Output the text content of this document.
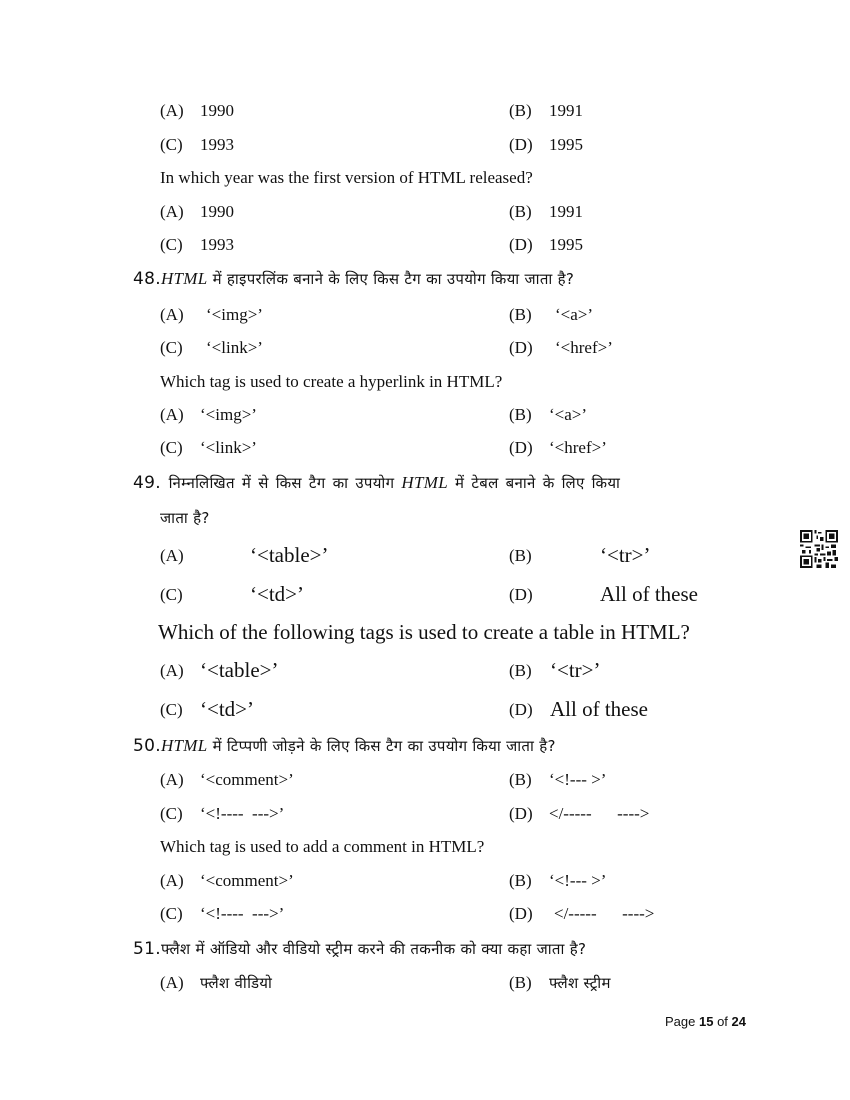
(A) 1990	(B) 1991
(C) 1993	(D) 1995
In which year was the first version of HTML released?
(A) 1990	(B) 1991
(C) 1993	(D) 1995
48.HTML में हाइपरलिंक बनाने के लिए किस टैग का उपयोग किया जाता है?
(A) ‘<img>’	(B) ‘<a>’
(C) ‘<link>’	(D) ‘<href>’
Which tag is used to create a hyperlink in HTML?
(A) ‘<img>’	(B) ‘<a>’
(C) ‘<link>’	(D) ‘<href>’
49. निम्नलिखित में से किस टैग का उपयोग HTML में टेबल बनाने के लिए किया
जाता है?
(A)	‘<table>’	(B)	‘<tr>’
(C)	‘<td>’	(D)	All of these
Which of the following tags is used to create a table in HTML?
(A) ‘<table>’	(B) ‘<tr>’
(C) ‘<td>’	(D) All of these
50.HTML में टिप्पणी जोड़ने के लिए किस टैग का उपयोग किया जाता है?
(A) ‘<comment>’	(B) ‘<!--- >’
(C) ‘<!----  --->’	(D) </-----      ---->
Which tag is used to add a comment in HTML?
(A) ‘<comment>’	(B) ‘<!--- >’
(C) ‘<!----  --->’	(D) </-----      ---->
51.फ्लैश में ऑडियो और वीडियो स्ट्रीम करने की तकनीक को क्या कहा जाता है?
(A) फ्लैश वीडियो	(B) फ्लैश स्ट्रीम
Page 15 of 24
